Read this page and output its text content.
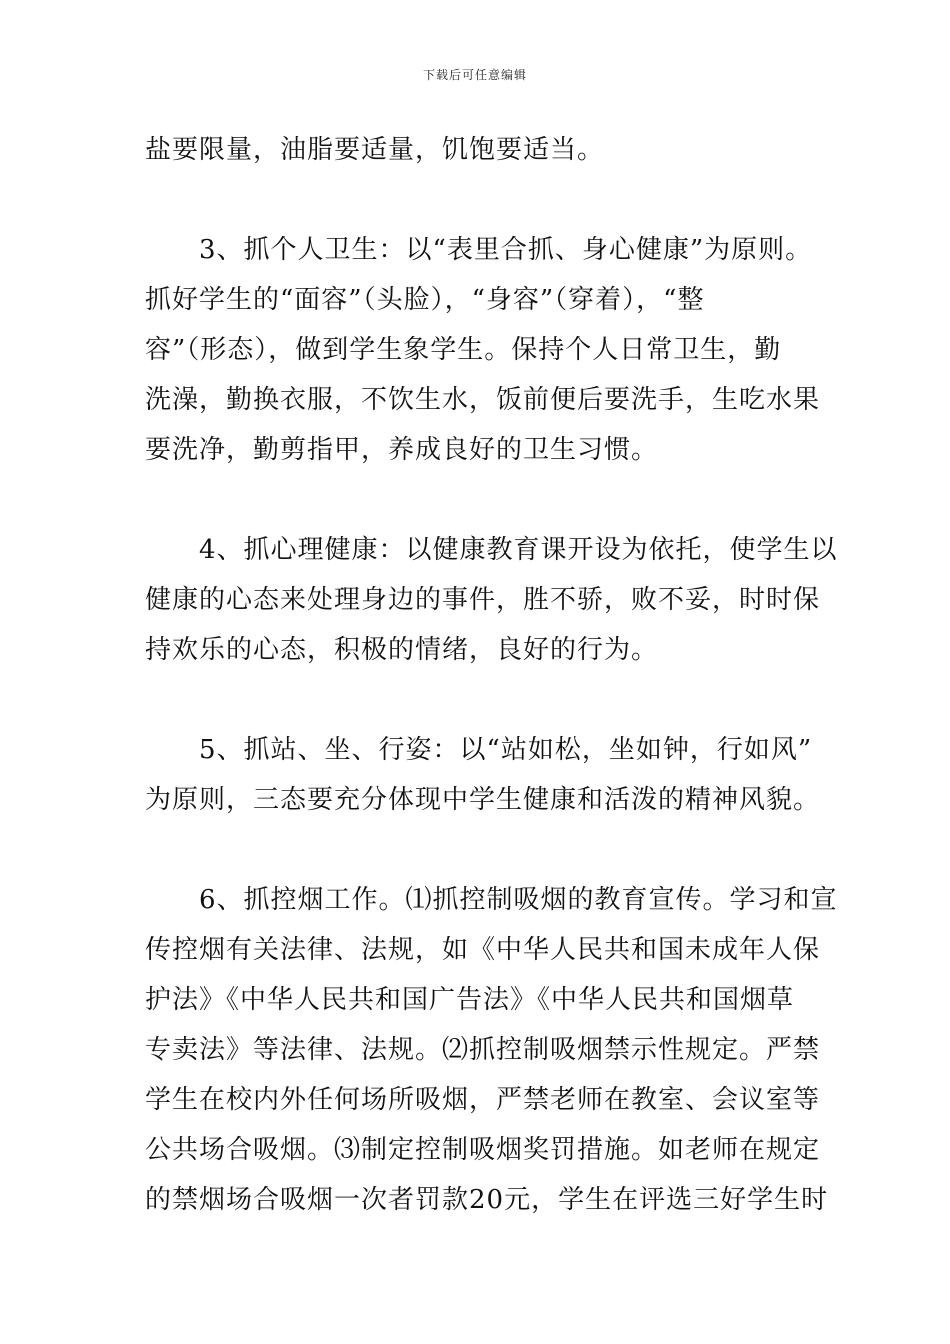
下载后可任意编辑
盐要限量，油脂要适量，饥饱要适当。
　　3、抓个人卫生：以“表里合抓、身心健康”为原则。
抓好学生的“面容”（头脸），“身容”（穿着），“整
容”（形态），做到学生象学生。保持个人日常卫生，勤
洗澡，勤换衣服，不饮生水，饭前便后要洗手，生吃水果
要洗净，勤剪指甲，养成良好的卫生习惯。
　　4、抓心理健康：以健康教育课开设为依托，使学生以
健康的心态来处理身边的事件，胜不骄，败不妥，时时保
持欢乐的心态，积极的情绪，良好的行为。
　　5、抓站、坐、行姿：以“站如松，坐如钟，行如风”
为原则，三态要充分体现中学生健康和活泼的精神风貌。
　　6、抓控烟工作。⑴抓控制吸烟的教育宣传。学习和宣
传控烟有关法律、法规，如《中华人民共和国未成年人保
护法》《中华人民共和国广告法》《中华人民共和国烟草
专卖法》等法律、法规。⑵抓控制吸烟禁示性规定。严禁
学生在校内外任何场所吸烟，严禁老师在教室、会议室等
公共场合吸烟。⑶制定控制吸烟奖罚措施。如老师在规定
的禁烟场合吸烟一次者罚款20元，学生在评选三好学生时
